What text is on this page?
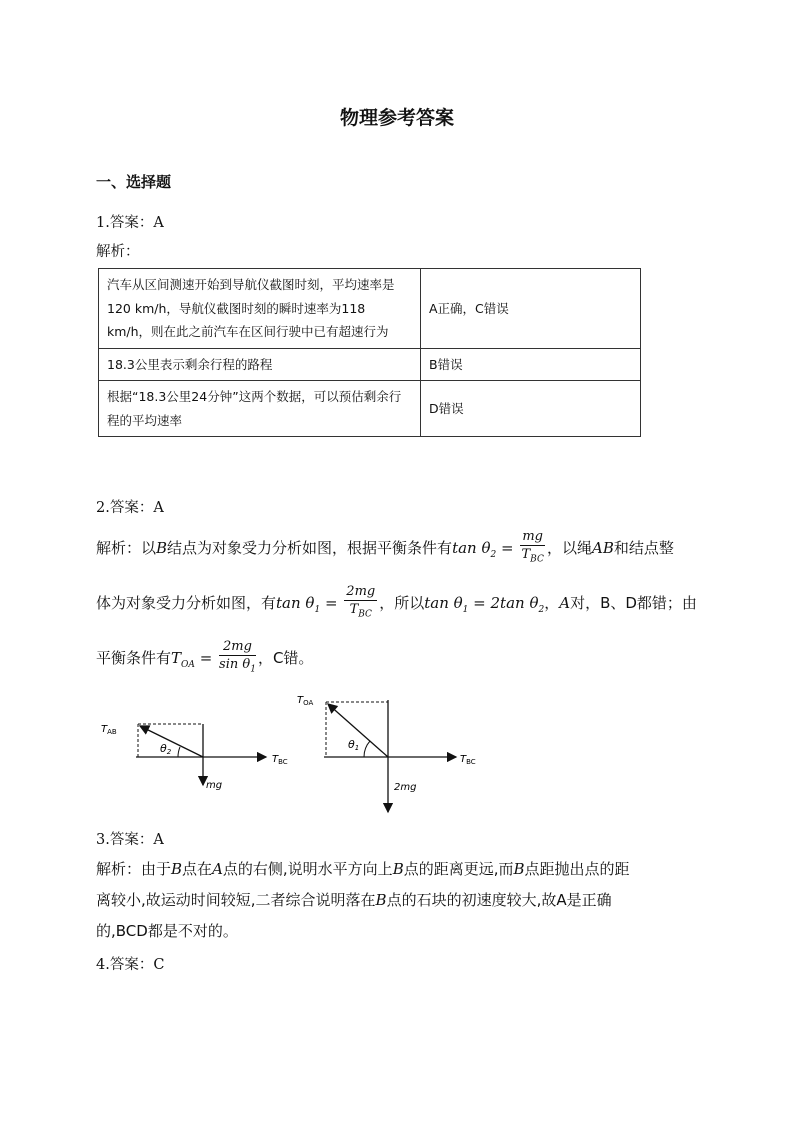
物理参考答案
一、选择题
1.答案：A
解析：
汽车从区间测速开始到导航仪截图时刻，平均速率是120 km/h，导航仪截图时刻的瞬时速率为118 km/h，则在此之前汽车在区间行驶中已有超速行为	A正确，C错误
18.3公里表示剩余行程的路程	B错误
根据“18.3公里24分钟”这两个数据，可以预估剩余行程的平均速率	D错误
2.答案：A
解析：以B结点为对象受力分析如图，根据平衡条件有$\tan \theta_2 = \frac{mg}{T_{BC}}$ ，以绳AB和结点整
体为对象受力分析如图，有$\tan \theta_1 = \frac{2mg}{T_{BC}}$ ，所以$\tan \theta_1 = 2\tan$ $\theta_2$，A对，B、D都错；由
平衡条件有$T_{OA} = \frac{2mg}{\sin \theta_1}$ ，C错。
$T_{AB}$
θ2
$T_{BC}$
mg
$T_{OA}$
θ1
$T_{BC}$
2mg
3.答案：A
解析：由于B点在A点的右侧,说明水平方向上B点的距离更远,而B点距抛出点的距
离较小,故运动时间较短,二者综合说明落在B点的石块的初速度较大,故A是正确
的,BCD都是不对的。
4.答案：C
